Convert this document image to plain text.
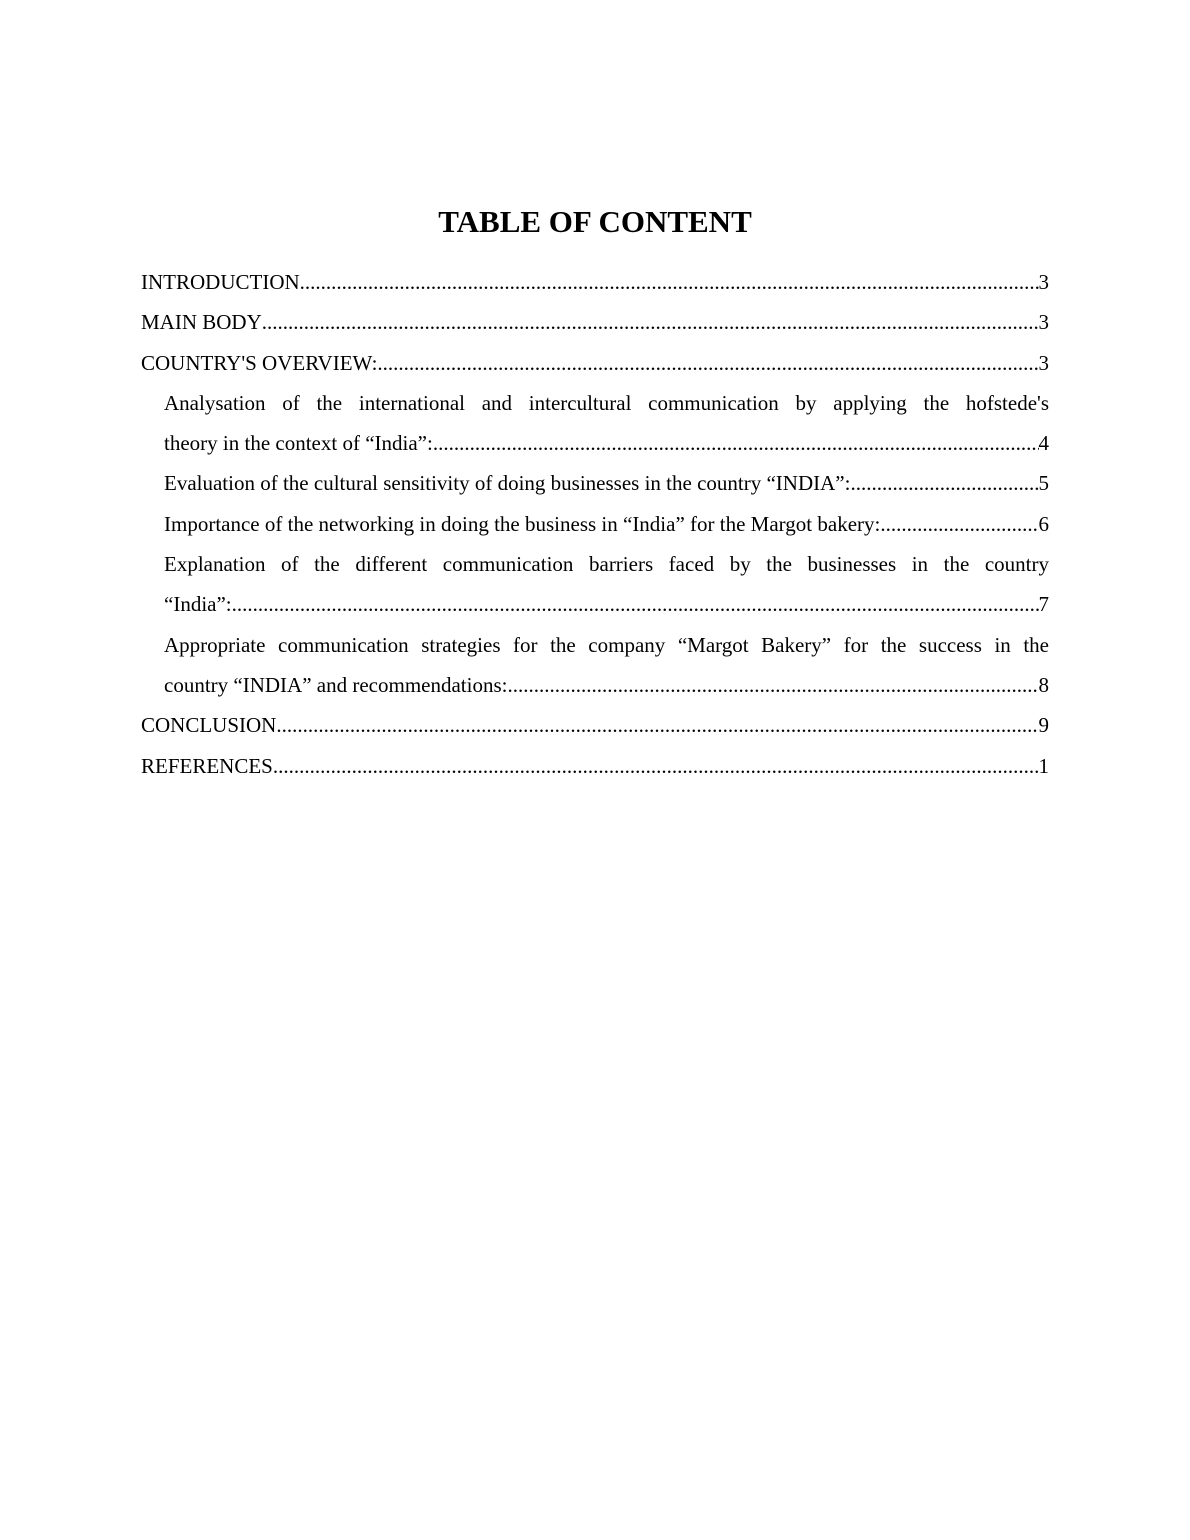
TABLE OF CONTENT
INTRODUCTION .....	3
MAIN BODY .....	3
COUNTRY'S OVERVIEW: .....	3
Analysation of the international and intercultural communication by applying the hofstede's
theory in the context of “India”: .....	4
Evaluation of the cultural sensitivity of doing businesses in the country “INDIA”: .....	5
Importance of the networking in doing the business in “India” for the Margot bakery: .....	6
Explanation of the different communication barriers faced by the businesses in the country
“India”: .....	7
Appropriate communication strategies for the company “Margot Bakery” for the success in the
country “INDIA” and recommendations: .....	8
CONCLUSION .....	9
REFERENCES .....	1
